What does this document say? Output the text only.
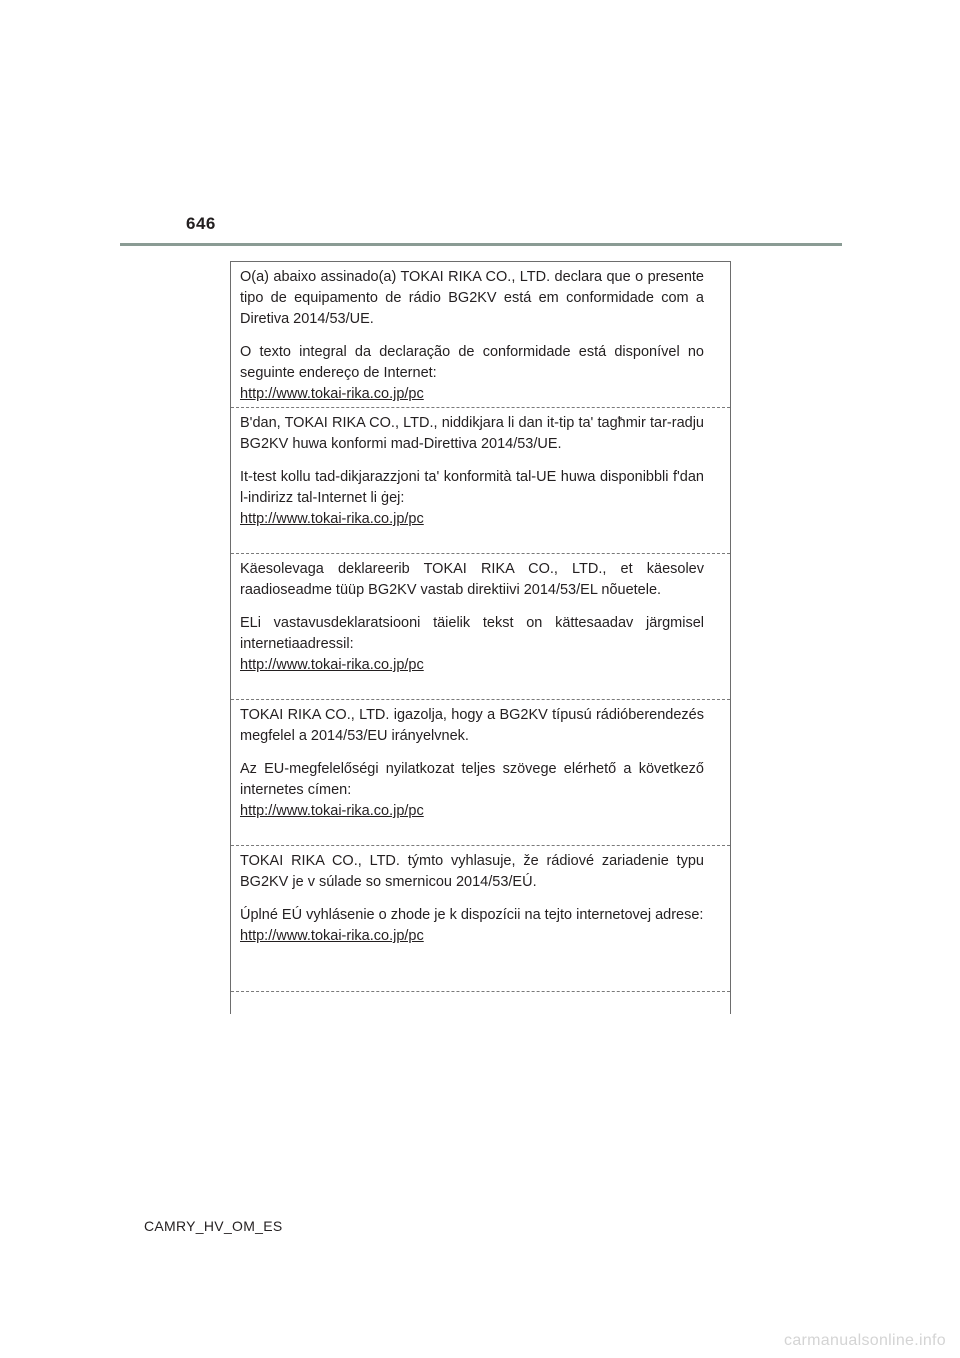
646

O(a) abaixo assinado(a) TOKAI RIKA CO., LTD. declara que o presente tipo de equipamento de rádio BG2KV está em conformidade com a Diretiva 2014/53/UE.

O texto integral da declaração de conformidade está disponível no seguinte endereço de Internet:
http://www.tokai-rika.co.jp/pc

B'dan, TOKAI RIKA CO., LTD., niddikjara li dan it-tip ta' tagħmir tar-radju BG2KV huwa konformi mad-Direttiva 2014/53/UE.

It-test kollu tad-dikjarazzjoni ta' konformità tal-UE huwa disponibbli f'dan l-indirizz tal-Internet li ġej:
http://www.tokai-rika.co.jp/pc

Käesolevaga deklareerib TOKAI RIKA CO., LTD., et käesolev raadioseadme tüüp BG2KV vastab direktiivi 2014/53/EL nõuetele.

ELi vastavusdeklaratsiooni täielik tekst on kättesaadav järgmisel internetiaadressil:
http://www.tokai-rika.co.jp/pc

TOKAI RIKA CO., LTD. igazolja, hogy a BG2KV típusú rádióberendezés megfelel a 2014/53/EU irányelvnek.

Az EU-megfelelőségi nyilatkozat teljes szövege elérhető a következő internetes címen:
http://www.tokai-rika.co.jp/pc

TOKAI RIKA CO., LTD. týmto vyhlasuje, že rádiové zariadenie typu BG2KV je v súlade so smernicou 2014/53/EÚ.

Úplné EÚ vyhlásenie o zhode je k dispozícii na tejto internetovej adrese:
http://www.tokai-rika.co.jp/pc

CAMRY_HV_OM_ES
carmanualsonline.info
